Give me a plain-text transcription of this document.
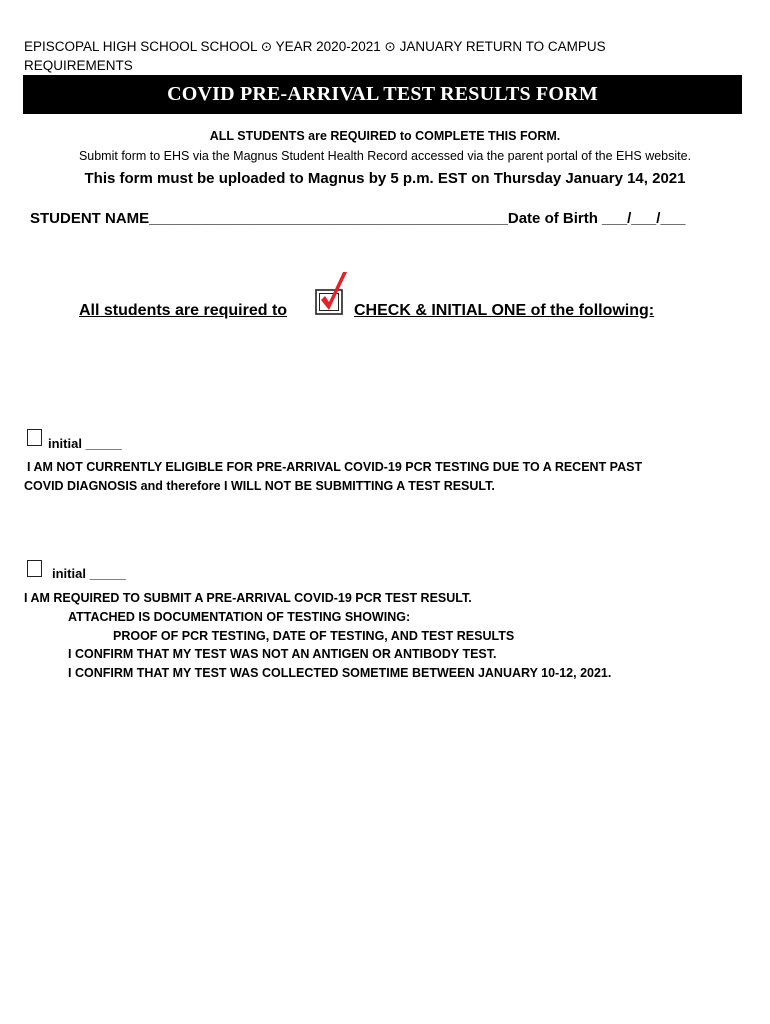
EPISCOPAL HIGH SCHOOL SCHOOL ⊙ YEAR 2020-2021 ⊙ JANUARY RETURN TO CAMPUS
REQUIREMENTS
COVID PRE-ARRIVAL TEST RESULTS FORM
ALL STUDENTS are REQUIRED to COMPLETE THIS FORM.
Submit form to EHS via the Magnus Student Health Record accessed via the parent portal of the EHS website.
This form must be uploaded to Magnus by 5 p.m. EST on Thursday January 14, 2021
STUDENT NAME___________________________________________Date of Birth ___/___/___
All students are required to	CHECK & INITIAL ONE of the following:
initial _____
I AM NOT CURRENTLY ELIGIBLE FOR PRE-ARRIVAL COVID-19 PCR TESTING DUE TO A RECENT PAST
COVID DIAGNOSIS and therefore I WILL NOT BE SUBMITTING A TEST RESULT.
initial _____
I AM REQUIRED TO SUBMIT A PRE-ARRIVAL COVID-19 PCR TEST RESULT.
ATTACHED IS DOCUMENTATION OF TESTING SHOWING:
PROOF OF PCR TESTING, DATE OF TESTING, AND TEST RESULTS
I CONFIRM THAT MY TEST WAS NOT AN ANTIGEN OR ANTIBODY TEST.
I CONFIRM THAT MY TEST WAS COLLECTED SOMETIME BETWEEN JANUARY 10-12, 2021.
